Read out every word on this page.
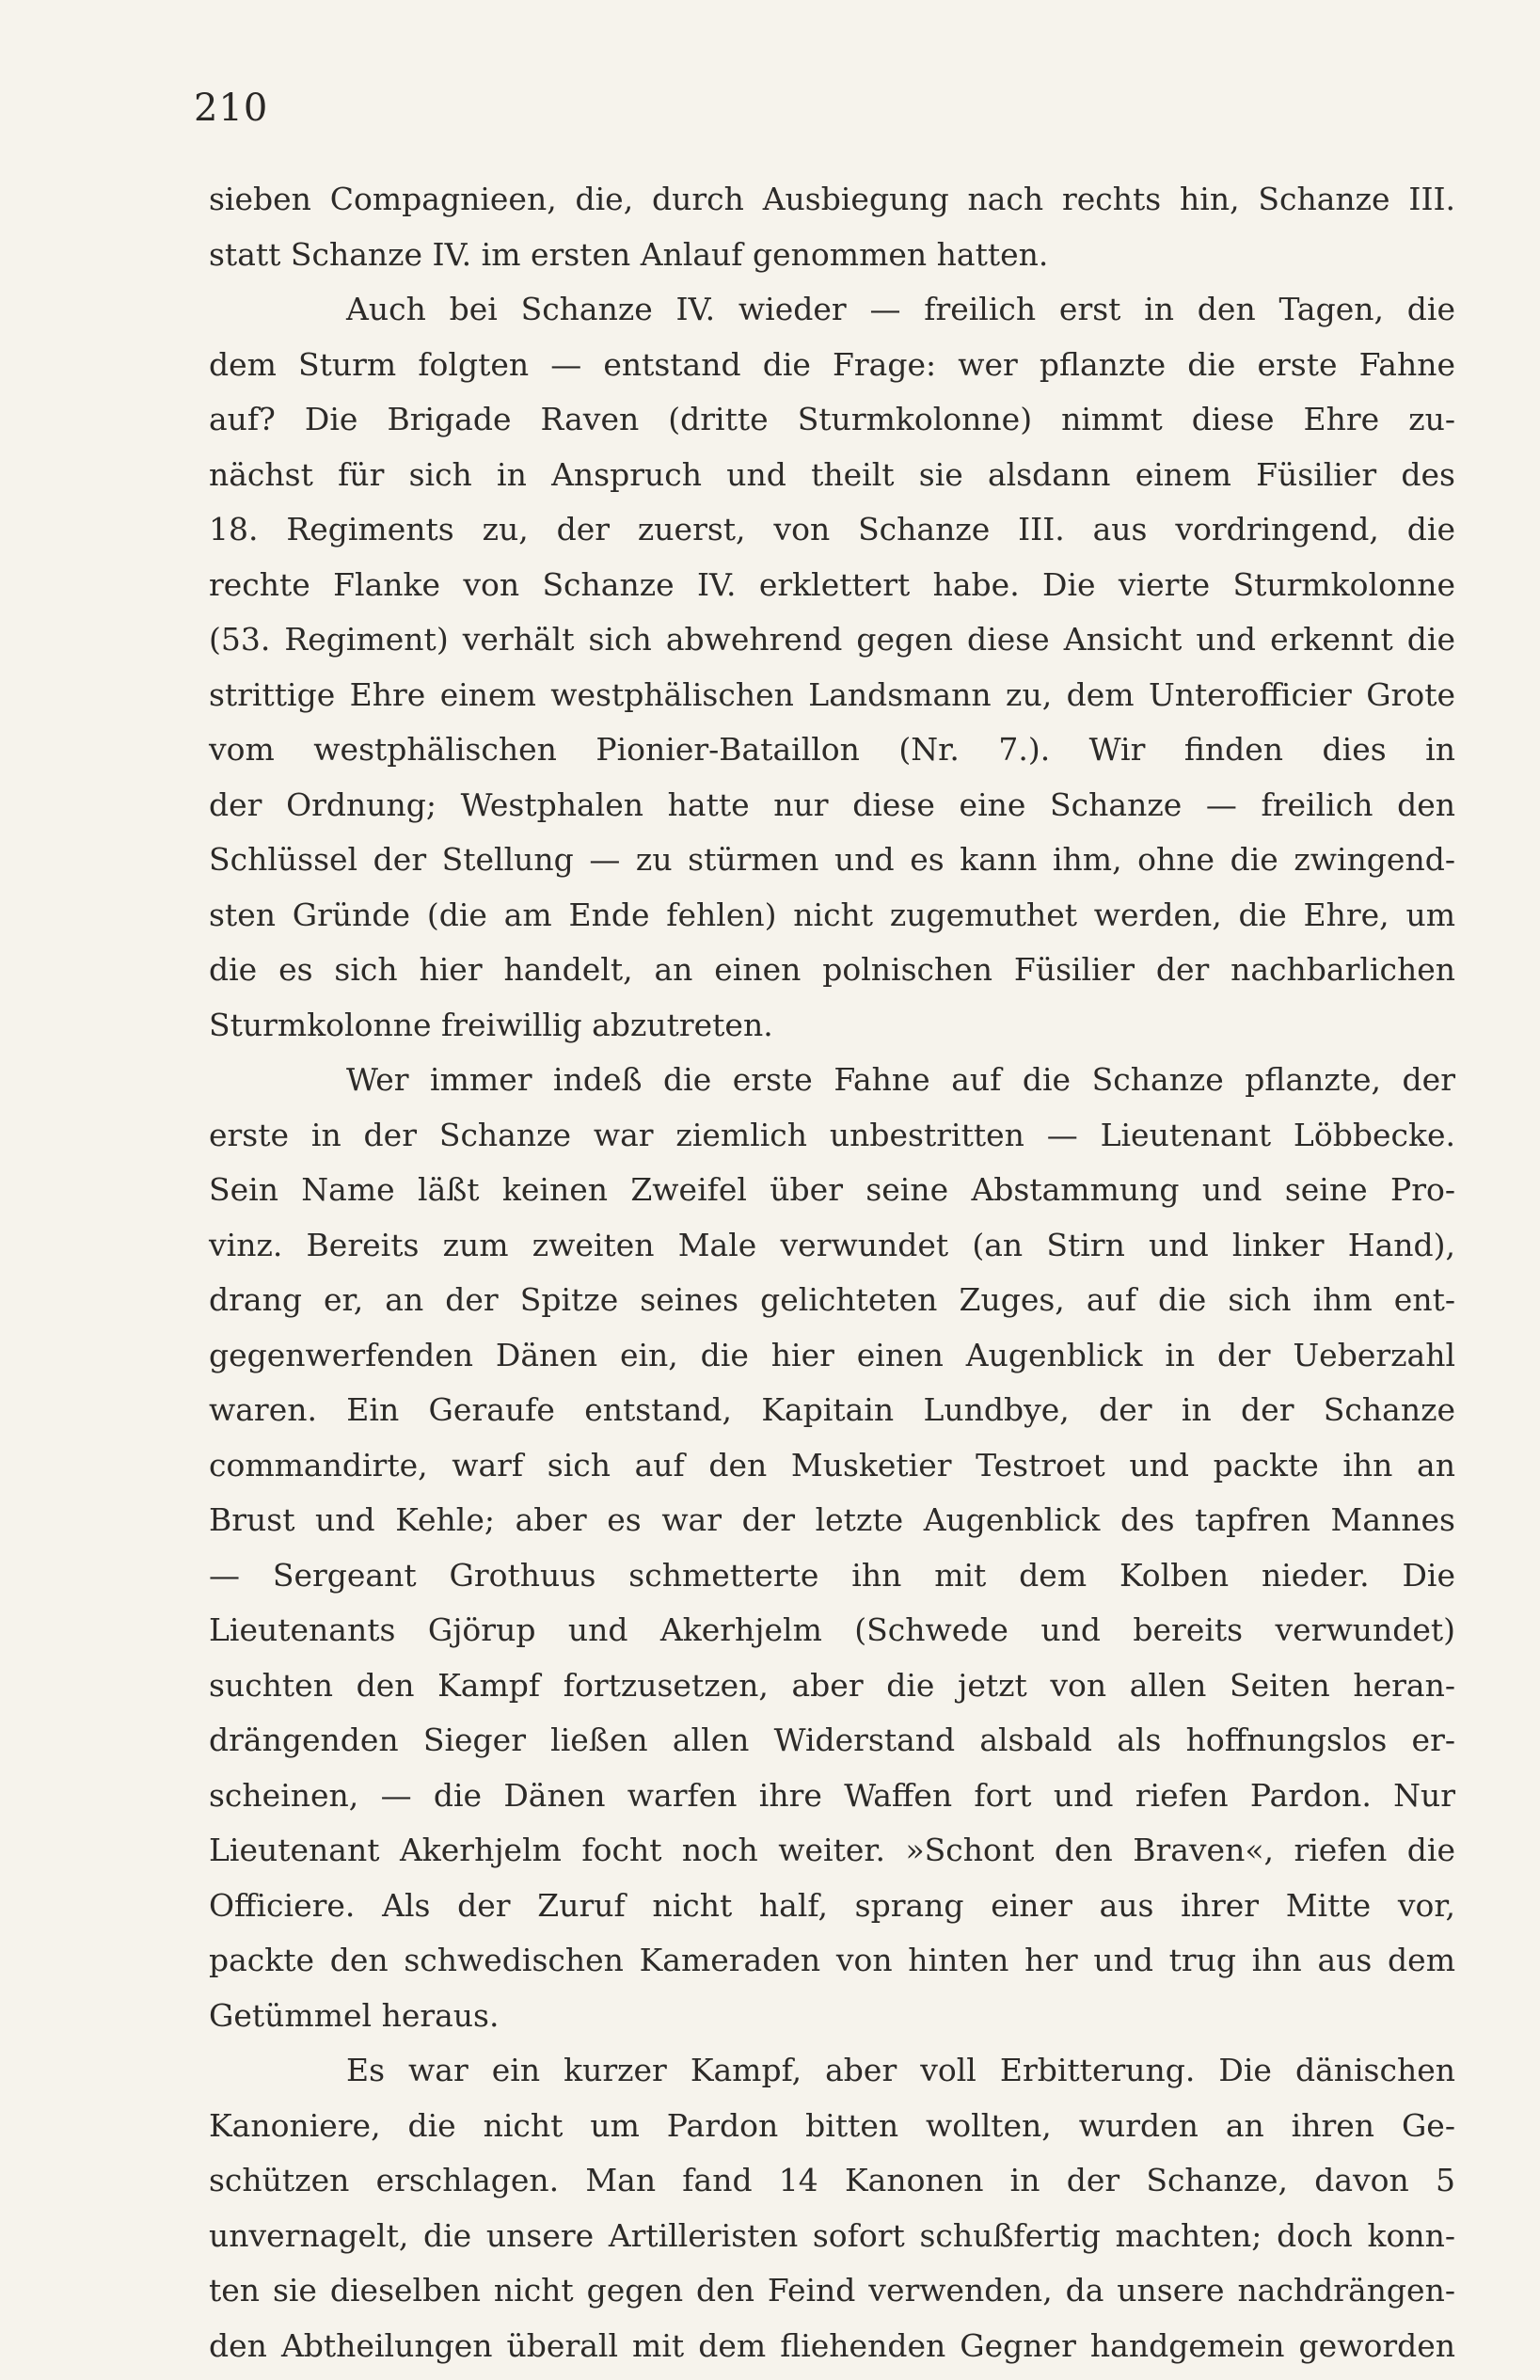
210
sieben Compagnieen, die, durch Ausbiegung nach rechts hin, Schanze III.
statt Schanze IV. im ersten Anlauf genommen hatten.
Auch bei Schanze IV. wieder — freilich erst in den Tagen, die
dem Sturm folgten — entstand die Frage: wer pflanzte die erste Fahne
auf? Die Brigade Raven (dritte Sturmkolonne) nimmt diese Ehre zu-
nächst für sich in Anspruch und theilt sie alsdann einem Füsilier des
18. Regiments zu, der zuerst, von Schanze III. aus vordringend, die
rechte Flanke von Schanze IV. erklettert habe. Die vierte Sturmkolonne
(53. Regiment) verhält sich abwehrend gegen diese Ansicht und erkennt die
strittige Ehre einem westphälischen Landsmann zu, dem Unterofficier Grote
vom westphälischen Pionier-Bataillon (Nr. 7.). Wir finden dies in
der Ordnung; Westphalen hatte nur diese eine Schanze — freilich den
Schlüssel der Stellung — zu stürmen und es kann ihm, ohne die zwingend-
sten Gründe (die am Ende fehlen) nicht zugemuthet werden, die Ehre, um
die es sich hier handelt, an einen polnischen Füsilier der nachbarlichen
Sturmkolonne freiwillig abzutreten.
Wer immer indeß die erste Fahne auf die Schanze pflanzte, der
erste in der Schanze war ziemlich unbestritten — Lieutenant Löbbecke.
Sein Name läßt keinen Zweifel über seine Abstammung und seine Pro-
vinz. Bereits zum zweiten Male verwundet (an Stirn und linker Hand),
drang er, an der Spitze seines gelichteten Zuges, auf die sich ihm ent-
gegenwerfenden Dänen ein, die hier einen Augenblick in der Ueberzahl
waren. Ein Geraufe entstand, Kapitain Lundbye, der in der Schanze
commandirte, warf sich auf den Musketier Testroet und packte ihn an
Brust und Kehle; aber es war der letzte Augenblick des tapfren Mannes
— Sergeant Grothuus schmetterte ihn mit dem Kolben nieder. Die
Lieutenants Gjörup und Akerhjelm (Schwede und bereits verwundet)
suchten den Kampf fortzusetzen, aber die jetzt von allen Seiten heran-
drängenden Sieger ließen allen Widerstand alsbald als hoffnungslos er-
scheinen, — die Dänen warfen ihre Waffen fort und riefen Pardon. Nur
Lieutenant Akerhjelm focht noch weiter. »Schont den Braven«, riefen die
Officiere. Als der Zuruf nicht half, sprang einer aus ihrer Mitte vor,
packte den schwedischen Kameraden von hinten her und trug ihn aus dem
Getümmel heraus.
Es war ein kurzer Kampf, aber voll Erbitterung. Die dänischen
Kanoniere, die nicht um Pardon bitten wollten, wurden an ihren Ge-
schützen erschlagen. Man fand 14 Kanonen in der Schanze, davon 5
unvernagelt, die unsere Artilleristen sofort schußfertig machten; doch konn-
ten sie dieselben nicht gegen den Feind verwenden, da unsere nachdrängen-
den Abtheilungen überall mit dem fliehenden Gegner handgemein geworden
